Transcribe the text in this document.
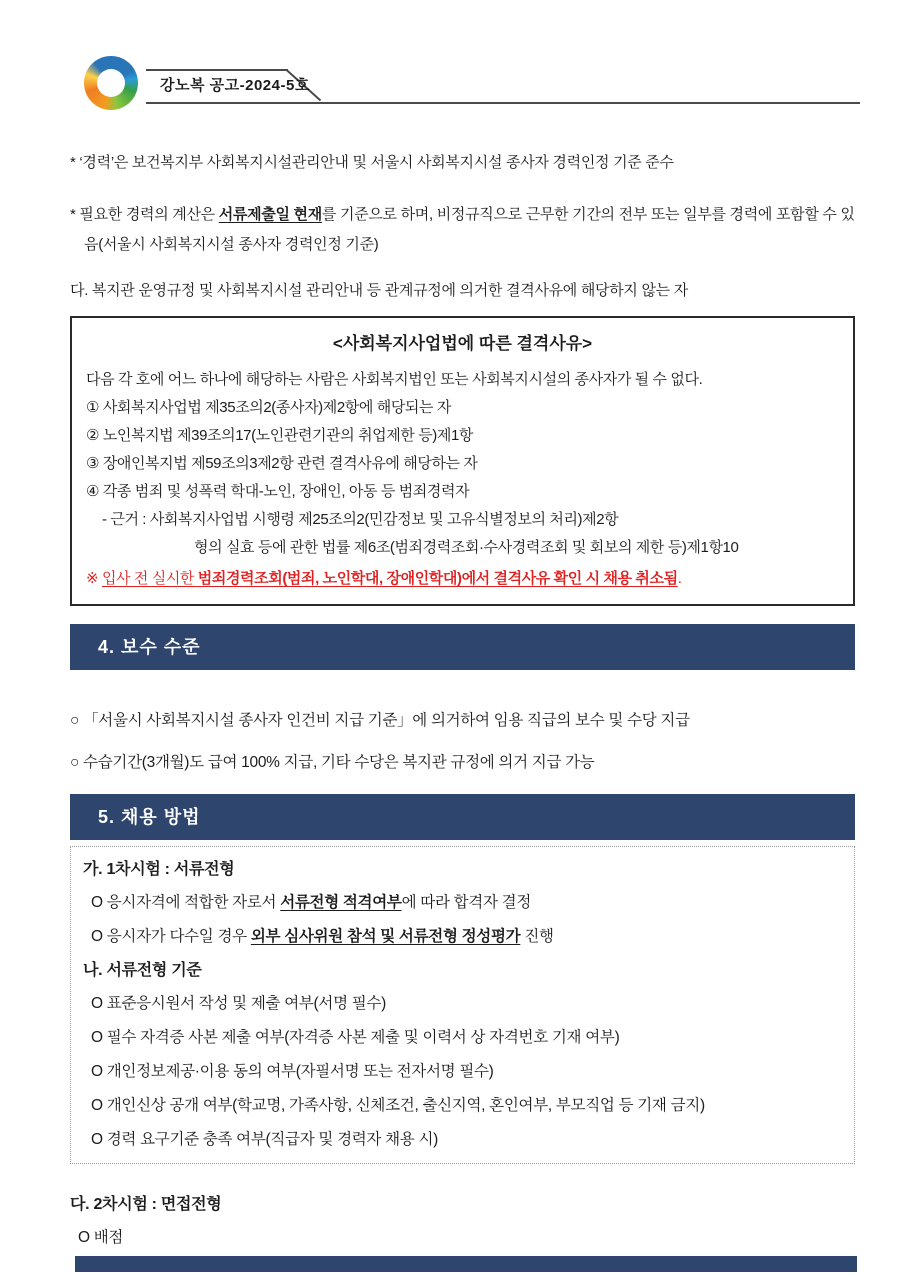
강노복 공고-2024-5호

* ‘경력’은 보건복지부 사회복지시설관리안내 및 서울시 사회복지시설 종사자 경력인정 기준 준수

* 필요한 경력의 계산은 서류제출일 현재를 기준으로 하며, 비정규직으로 근무한 기간의 전부 또는 일부를 경력에 포함할 수 있음(서울시 사회복지시설 종사자 경력인정 기준)

다. 복지관 운영규정 및 사회복지시설 관리안내 등 관계규정에 의거한 결격사유에 해당하지 않는 자

<사회복지사업법에 따른 결격사유>
다음 각 호에 어느 하나에 해당하는 사람은 사회복지법인 또는 사회복지시설의 종사자가 될 수 없다.
① 사회복지사업법 제35조의2(종사자)제2항에 해당되는 자
② 노인복지법 제39조의17(노인관련기관의 취업제한 등)제1항
③ 장애인복지법 제59조의3제2항 관련 결격사유에 해당하는 자
④ 각종 범죄 및 성폭력 학대-노인, 장애인, 아동 등 범죄경력자
- 근거 : 사회복지사업법 시행령 제25조의2(민감정보 및 고유식별정보의 처리)제2항
형의 실효 등에 관한 법률 제6조(범죄경력조회·수사경력조회 및 회보의 제한 등)제1항10
※ 입사 전 실시한 범죄경력조회(범죄, 노인학대, 장애인학대)에서 결격사유 확인 시 채용 취소됨.
4. 보수 수준
○ 「서울시 사회복지시설 종사자 인건비 지급 기준」에 의거하여 임용 직급의 보수 및 수당 지급
○ 수습기간(3개월)도 급여 100% 지급, 기타 수당은 복지관 규정에 의거 지급 가능
5. 채용 방법
가. 1차시험 : 서류전형
O 응시자격에 적합한 자로서 서류전형 적격여부에 따라 합격자 결정
O 응시자가 다수일 경우 외부 심사위원 참석 및 서류전형 정성평가 진행
나. 서류전형 기준
O 표준응시원서 작성 및 제출 여부(서명 필수)
O 필수 자격증 사본 제출 여부(자격증 사본 제출 및 이력서 상 자격번호 기재 여부)
O 개인정보제공·이용 동의 여부(자필서명 또는 전자서명 필수)
O 개인신상 공개 여부(학교명, 가족사항, 신체조건, 출신지역, 혼인여부, 부모직업 등 기재 금지)
O 경력 요구기준 충족 여부(직급자 및 경력자 채용 시)
다. 2차시험 : 면접전형
O 배점
